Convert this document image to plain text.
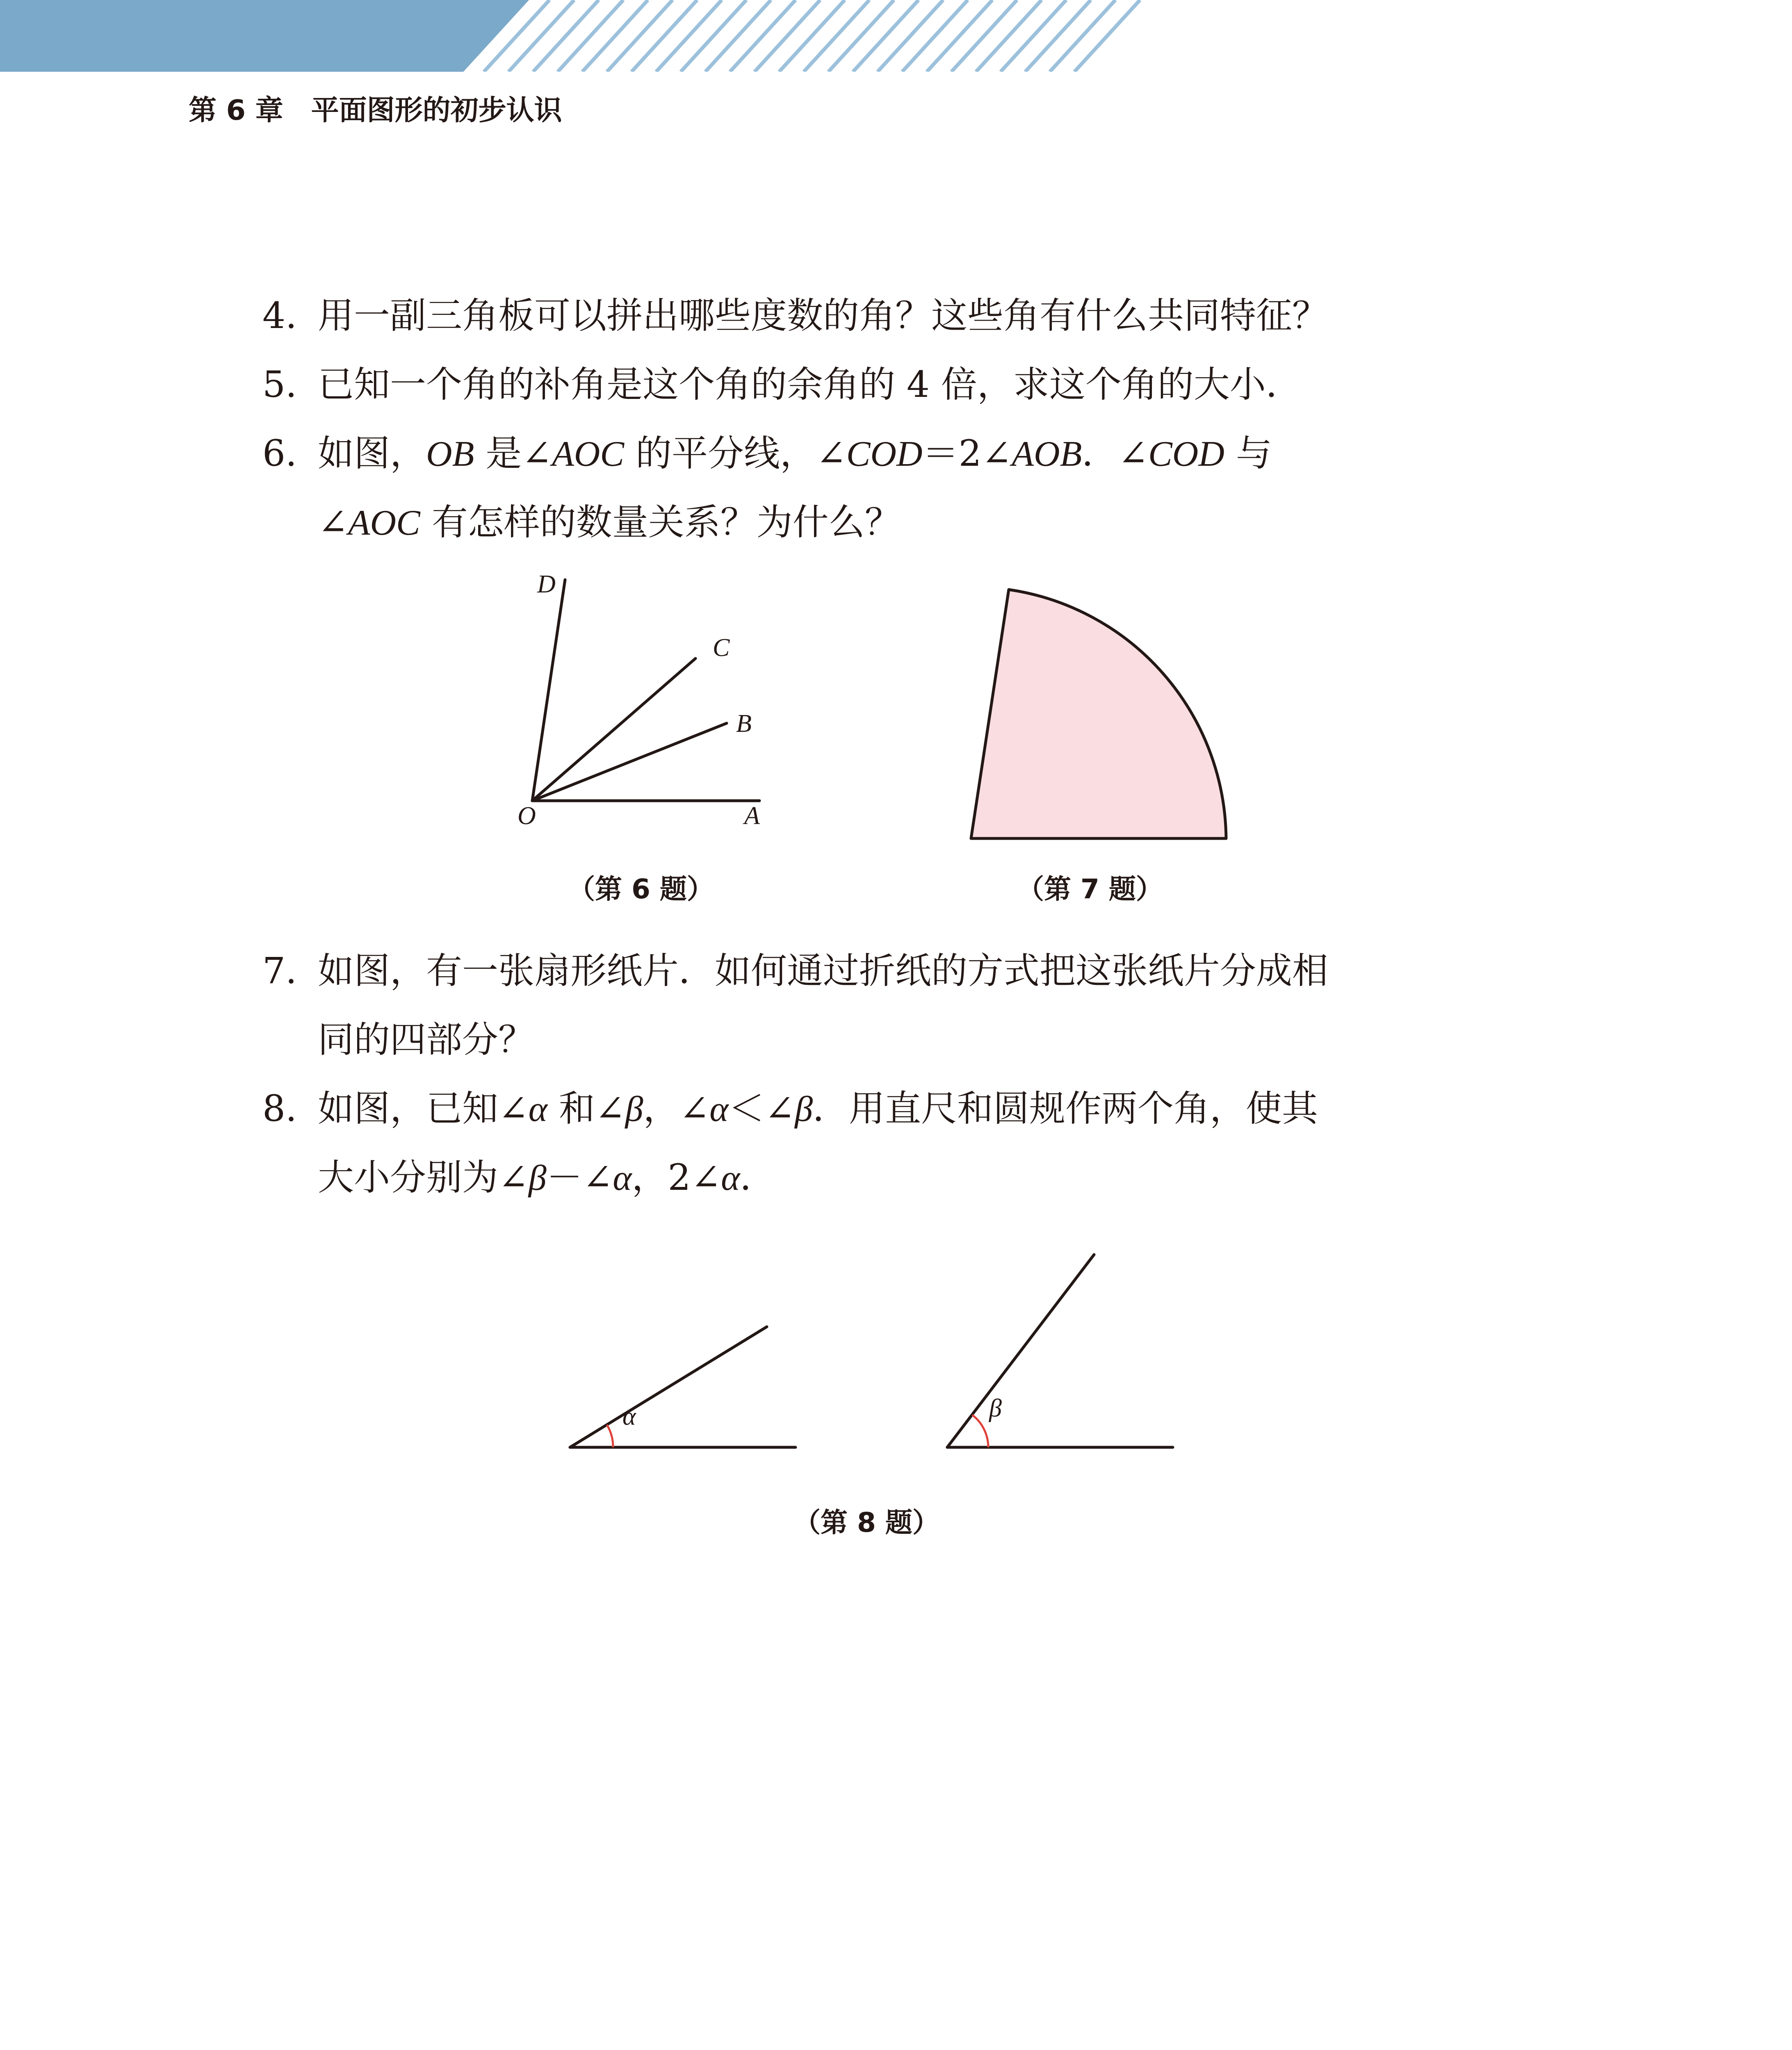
第 6 章　平面图形的初步认识
4. 用一副三角板可以拼出哪些度数的角？这些角有什么共同特征？
5. 已知一个角的补角是这个角的余角的 4 倍，求这个角的大小．
6. 如图，OB 是∠AOC 的平分线，∠COD＝2∠AOB．∠COD 与
∠AOC 有怎样的数量关系？为什么？
D
C
B
O	A
（第 6 题）	（第 7 题）
7. 如图，有一张扇形纸片．如何通过折纸的方式把这张纸片分成相
同的四部分？
8. 如图，已知∠α 和∠β，∠α＜∠β．用直尺和圆规作两个角，使其
大小分别为∠β－∠α，2∠α．
α	β
（第 8 题）
